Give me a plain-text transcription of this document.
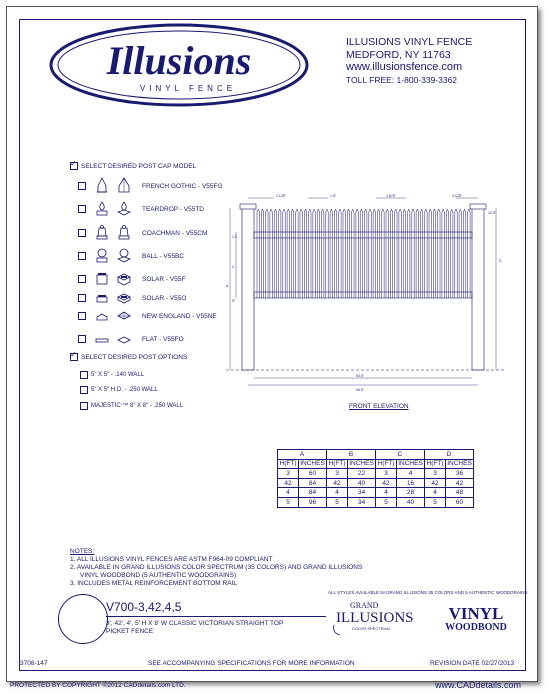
Illusions
VINYL FENCE
ILLUSIONS VINYL FENCE
MEDFORD, NY 11763
www.illusionsfence.com
TOLL FREE: 1-800-339-3362
✓
SELECT DESIRED POST CAP MODEL
FRENCH GOTHIC - V55FG
TEARDROP - V55TD
COACHMAN - V55CM
BALL - V55BC
SOLAR - V55F
SOLAR - V55O
NEW ENGLAND - V55NE
FLAT - V55FO
✓
SELECT DESIRED POST OPTIONS
5" X 5" - .140 WALL
5" X 5" H.D. - .250 WALL
MAJESTIC ™ 8" X 8" - .250 WALL
2.125"	1.5"	1.875"	2.125"
93.5"
96.5"
A
C
1.5
5"
D
10.5"
FRONT ELEVATION
A		B		C		D	
H(FT)	INCHES	H(FT)	INCHES	H(FT)	INCHES	H(FT)	INCHES
3	60	3	22	3	4	3	36
42	84	42	40	42	16	42	42
4	84	4	34	4	28	4	48
5	96	5	34	5	40	5	60
NOTES:
1. ALL ILLUSIONS VINYL FENCES ARE ASTM F964-09 COMPLIANT
2. AVAILABLE IN GRAND ILLUSIONS COLOR SPECTRUM (35 COLORS) AND GRAND ILLUSIONS
VINYL WOODBOND (5 AUTHENTIC WOODGRAINS)
3. INCLUDES METAL REINFORCEMENT BOTTOM RAIL
V700-3,42,4,5
3', 42', 4', 5' H X 8' W CLASSIC VICTORIAN STRAIGHT TOP
PICKET FENCE
ALL STYLES AVAILABLE IN GRAND ILLUSIONS 35 COLORS AND 5 AUTHENTIC WOODGRAINS
GRAND
ILLUSIONS
COLOR SPECTRUM
VINYL
WOODBOND
3708-147	SEE ACCOMPANYING SPECIFICATIONS FOR MORE INFORMATION	REVISION DATE 02/27/2013
PROTECTED BY COPYRIGHT ©2012 CADdetails.com LTD.	www.CADdetails.com
